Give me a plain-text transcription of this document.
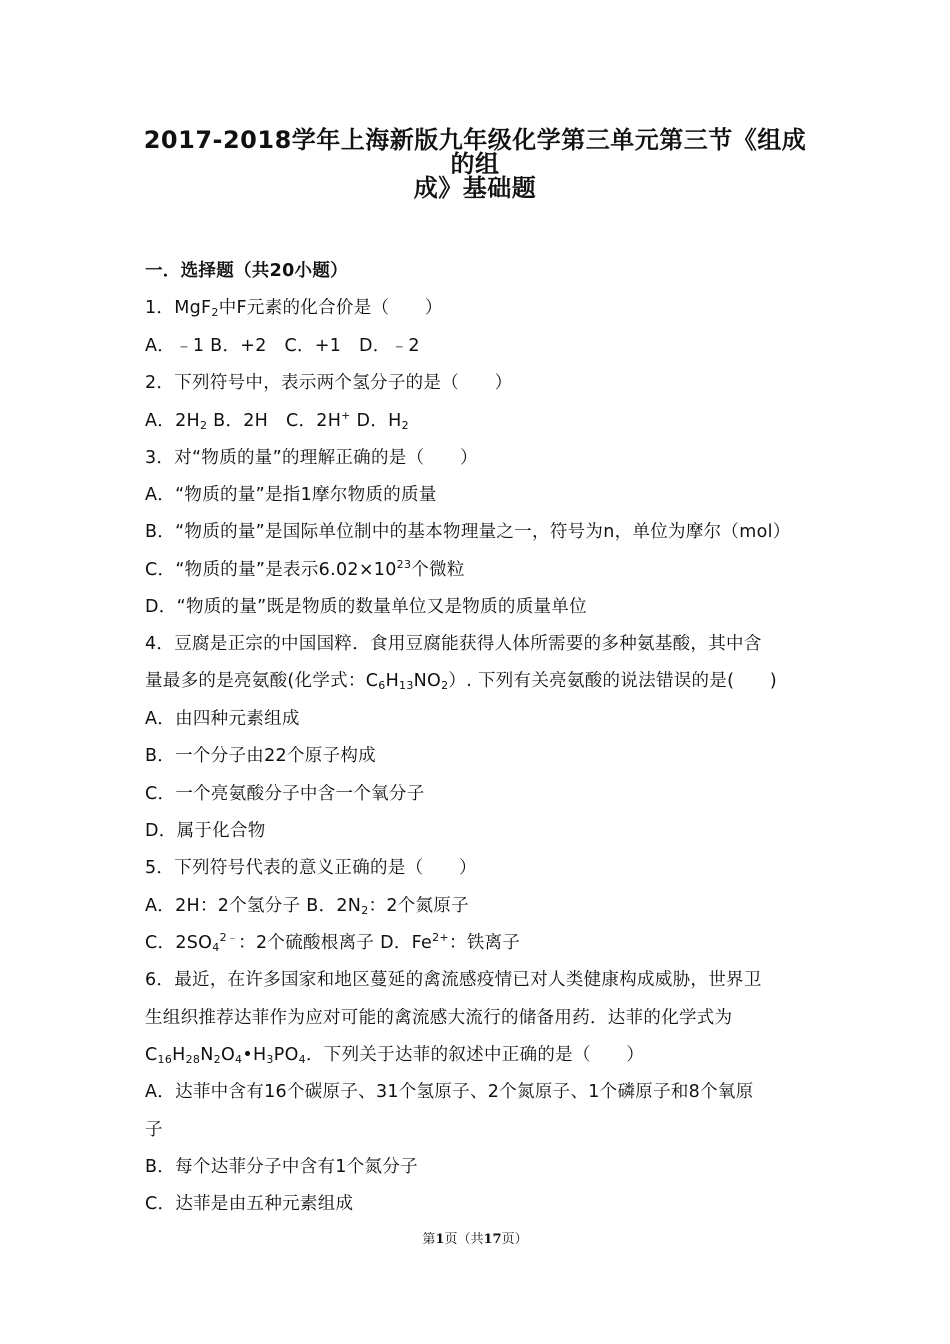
2017-2018学年上海新版九年级化学第三单元第三节《组成的组
成》基础题
一．选择题（共20小题）
1．MgF$_2$中F元素的化合价是（　　）
A．﹣1 B．+2　C．+1　D．﹣2
2．下列符号中，表示两个氢分子的是（　　）
A．$2H_2$ B．2H　C．2H+ D．$H_2$
3．对“物质的量”的理解正确的是（　　）
A．“物质的量”是指1摩尔物质的质量
B．“物质的量”是国际单位制中的基本物理量之一，符号为n，单位为摩尔（mol）
C．“物质的量”是表示$6.02\times 10^{23}$个微粒
D．“物质的量”既是物质的数量单位又是物质的质量单位
4．豆腐是正宗的中国国粹．食用豆腐能获得人体所需要的多种氨基酸，其中含
量最多的是亮氨酸(化学式：$C_6H_{13}NO_2$）. 下列有关亮氨酸的说法错误的是(　　)
A．由四种元素组成
B．一个分子由22个原子构成
C．一个亮氨酸分子中含一个氧分子
D．属于化合物
5．下列符号代表的意义正确的是（　　）
A．2H：2个氢分子 B．$2N_2$：2个氮原子
C．$2SO_4^{2﹣}$：2个硫酸根离子 D．$Fe^{2+}$：铁离子
6．最近，在许多国家和地区蔓延的禽流感疫情已对人类健康构成威胁，世界卫
生组织推荐达菲作为应对可能的禽流感大流行的储备用药．达菲的化学式为
$C_{16}H_{28}N_2O_4•H_3PO_4$．下列关于达菲的叙述中正确的是（　　）
A．达菲中含有16个碳原子、31个氢原子、2个氮原子、1个磷原子和8个氧原
子
B．每个达菲分子中含有1个氮分子
C．达菲是由五种元素组成
第1页（共17页）
